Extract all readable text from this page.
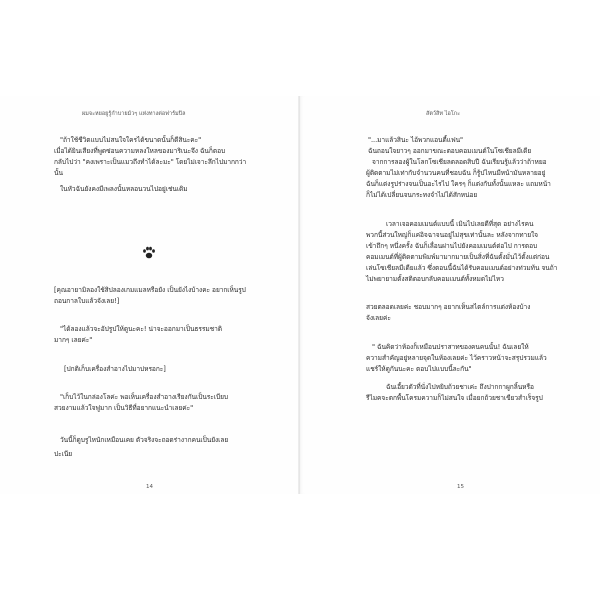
ผมจะหยอยูรู้กำบายม้วๆ แห่งทางต่อฟาร์มปิล
"ถ้าใช้ชีวิตแบบไม่สนใจใครได้ขนาดนั้นก็ดีสินะคะ"
เมื่อได้ยินเสียงที่พูดซ่อนความหลงใหลของมาริเนะจึง ฉันก็ตอบ
กลับไปว่า "คงเพราะเป็นแมวถึงทำได้ละมะ" โดยไม่เจาะลึกไปมากกว่า
นั้น
ในหัวฉันยังคงมีเพลงนั้นหลอนวนไปอยู่เช่นเดิม
[คุณอายามิลองใช้สิปลองเกมแมลหรือยัง เป็นยังไงบ้างคะ อยากเห็นรูป
ถอนกาลใบแล้วจังเลย!]
"ได้ลองแล้วจะอัปรูปให้ดูนะคะ! น่าจะออกมาเป็นธรรมชาติ
มากๆ เลยค่ะ"
[ปกติเก็บเครื่องสำอางไปมาบ่หรอกะ]
"เก็บไว้ในกล่องโลค่ะ พอเห็นเครื่องสำอางเรียงกันเป็นระเบียบ
สวยงามแล้วใจฟูมาก เป็นวิธีที่อยากแนะนำเลยค่ะ"
วันนี้ก็ดูบรูไหนักเหมือนเคย ตัวจริงจะถอดร่างากคนเป็นยังเลย
ปะเนีย
14
สัตว์สิท ไอโกะ
"...มาแล้วสินะ ไอ้พวกแอนตี้แฟน"
ฉันถอนใจยาวๆ ออกมาขณะตอบคอมเมนต์ในโซเชียลมีเดีย
จากการลองผู้ในโลกโซเชียลตลอดสิบปี ฉันเรียนรู้แล้วว่าถ้าหยอ
ผู้ติดตามไม่เท่ากับจำนวนคนที่ชอบฉัน ก็รู้ปไหนมีหน้ามันหลายอยู่
ฉันก็แต่งรูปร่างจนเป็นอะไรไป ใครๆ ก็แต่งกันทั้งนั้นแหละ แถมหน้า
ก็ไม่ได้เปลี่ยนจนกระทงจำไม่ได้สักหน่อย
เวลาเจอคอมเมนต์แบบนี้ เมินไปเลยดีที่สุด อย่างไรคน
พวกนี้ส่วนใหญ่ก็แค่อิจฉาจนอยู่ไม่สุขเท่านั้นละ หลังจากทายใจ
เข้าถึกๆ หนึ่งครั้ง ฉันก็เลื่อนผ่านไปยังคอมเมนต์ต่อไป การตอบ
คอมเมนต์ที่ผู้ติดตามพิมพ์มามากมายเป็นสิ่งที่ฉันตั้งมั่นไว้ตั้งแต่ก่อน
เล่นโซเชียลมีเดียแล้ว ซึ่งตอนนี้ฉันได้รับคอมเมนต์อย่างท่วมท้น จนถ้า
ไม่พยายามตั้งสติตอบกลับคอมเมนต์ทั้งหมดไม่ไหว
สวยตลอดเลยค่ะ ชอบมากๆ อยากเห็นสไตล์การแต่งห้องบ้าง
จังเลยค่ะ
" ฉันคิดว่าห้องก็เหมือนปราสาทของคนคนนั้น! ฉันเลยให้
ความสำคัญอยู่หลายจุดในห้องเลยค่ะ ไว้คราวหน้าจะสรุปรวมแล้ว
แชร์ให้ดูกันนะคะ ตอบไปแบบนี้ละกัน"
ฉันเอี้ยวตัวที่นั่งไปหยิบถ้วยชาเค่ะ ถึงปากกาผูกลิ้นหรือ
รีไมคจะตกพื้นโครมความก็ไม่สนใจ เมื่อยกถ้วยชาเขียวสำเร็จรูป
15
